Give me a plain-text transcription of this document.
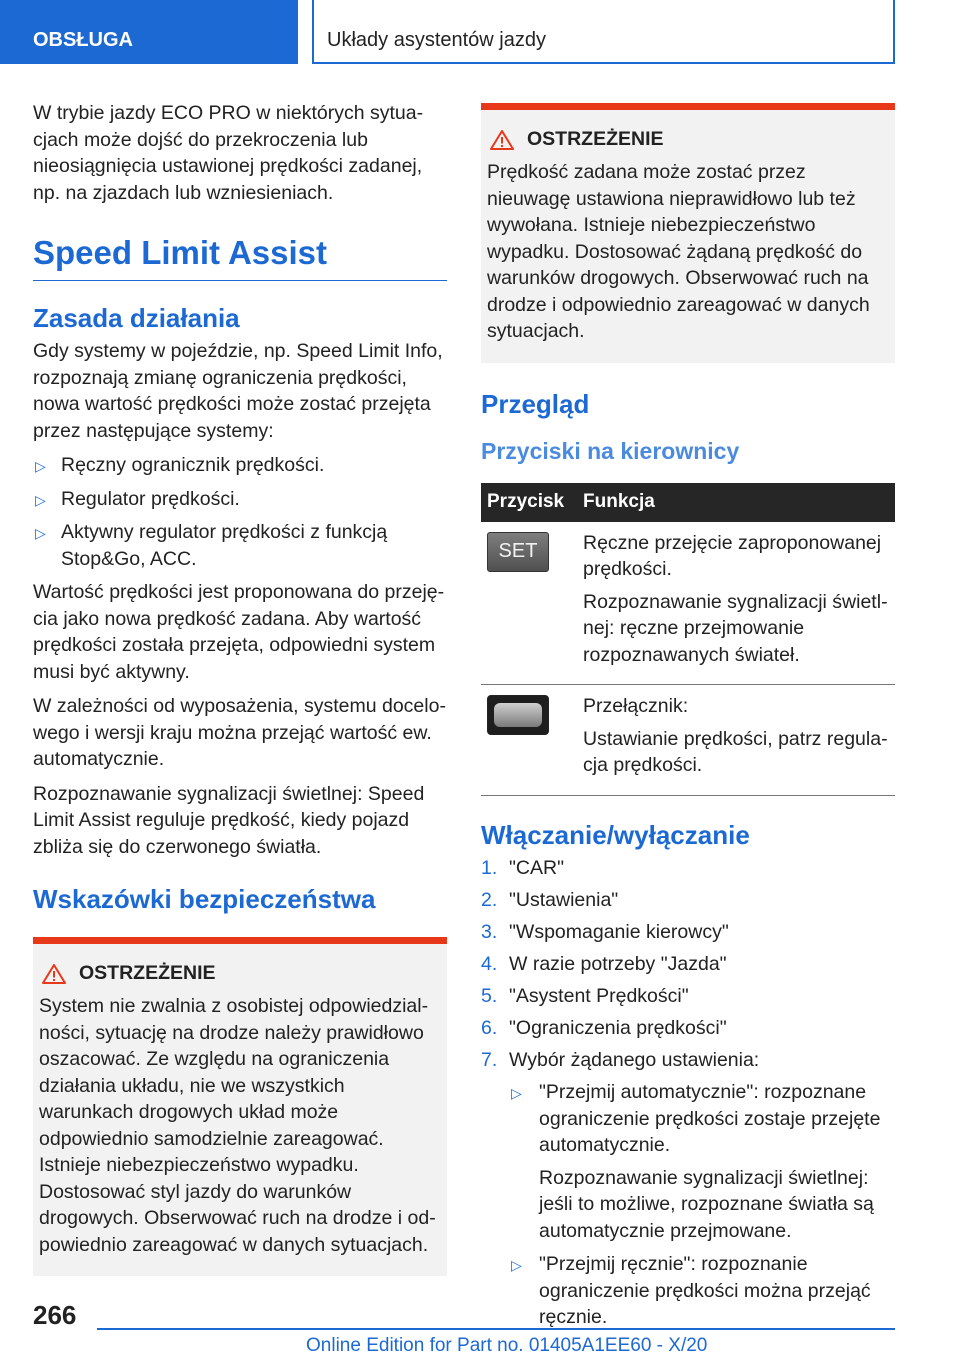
OBSŁUGA	Układy asystentów jazdy

W trybie jazdy ECO PRO w niektórych sytuacjach może dojść do przekroczenia lub nieosiągnięcia ustawionej prędkości zadanej, np. na zjazdach lub wzniesieniach.

Speed Limit Assist
Zasada działania

Gdy systemy w pojeździe, np. Speed Limit Info, rozpoznają zmianę ograniczenia prędkości, nowa wartość prędkości może zostać przejęta przez następujące systemy:

▷ Ręczny ogranicznik prędkości.
▷ Regulator prędkości.
▷ Aktywny regulator prędkości z funkcją Stop&Go, ACC.

Wartość prędkości jest proponowana do przejęcia jako nowa prędkość zadana. Aby wartość prędkości została przejęta, odpowiedni system musi być aktywny.

W zależności od wyposażenia, systemu docelowego i wersji kraju można przejąć wartość ew. automatycznie.

Rozpoznawanie sygnalizacji świetlnej: Speed Limit Assist reguluje prędkość, kiedy pojazd zbliża się do czerwonego światła.

Wskazówki bezpieczeństwa
OSTRZEŻENIE

System nie zwalnia z osobistej odpowiedzialności, sytuację na drodze należy prawidłowo oszacować. Ze względu na ograniczenia działania układu, nie we wszystkich warunkach drogowych układ może odpowiednio samodzielnie zareagować. Istnieje niebezpieczeństwo wypadku. Dostosować styl jazdy do warunków drogowych. Obserwować ruch na drodze i odpowiednio zareagować w danych sytuacjach.

OSTRZEŻENIE

Prędkość zadana może zostać przez nieuwagę ustawiona nieprawidłowo lub też wywołana. Istnieje niebezpieczeństwo wypadku. Dostosować żądaną prędkość do warunków drogowych. Obserwować ruch na drodze i odpowiednio zareagować w danych sytuacjach.

Przegląd
Przyciski na kierownicy
Przycisk	Funkcja

SET	Ręczne przejęcie zaproponowanej prędkości.

Rozpoznawanie sygnalizacji świetlnej: ręczne przejmowanie rozpoznawanych świateł.

	Przełącznik:

Ustawianie prędkości, patrz regulacja prędkości.

Włączanie/wyłączanie
1. "CAR"
2. "Ustawienia"
3. "Wspomaganie kierowcy"
4. W razie potrzeby "Jazda"
5. "Asystent Prędkości"
6. "Ograniczenia prędkości"
7. Wybór żądanego ustawienia:
▷ "Przejmij automatycznie": rozpoznane ograniczenie prędkości zostaje przejęte automatycznie.

Rozpoznawanie sygnalizacji świetlnej: jeśli to możliwe, rozpoznane światła są automatycznie przejmowane.

▷ "Przejmij ręcznie": rozpoznanie ograniczenie prędkości można przejąć ręcznie.
266
Online Edition for Part no. 01405A1EE60 - X/20
